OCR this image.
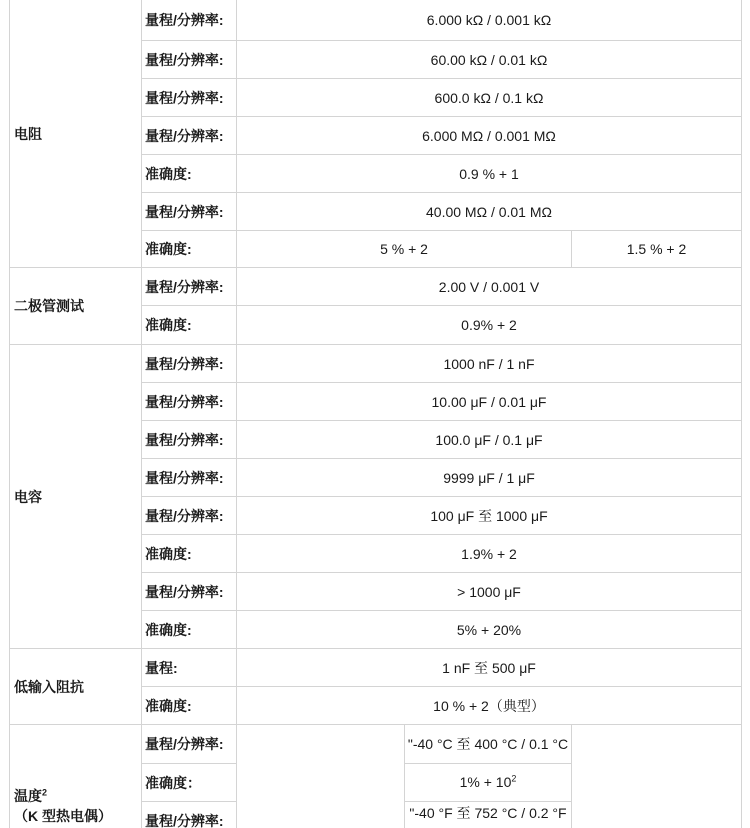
电阻
量程/分辨率:	6.000 kΩ / 0.001 kΩ
量程/分辨率:	60.00 kΩ / 0.01 kΩ
量程/分辨率:	600.0 kΩ / 0.1 kΩ
量程/分辨率:	6.000 MΩ / 0.001 MΩ
准确度:	0.9 % + 1
量程/分辨率:	40.00 MΩ / 0.01 MΩ
准确度:	5 % + 2	1.5 % + 2
二极管测试
量程/分辨率:	2.00 V / 0.001 V
准确度:	0.9% + 2
电容
量程/分辨率:	1000 nF / 1 nF
量程/分辨率:	10.00 μF / 0.01 μF
量程/分辨率:	100.0 μF / 0.1 μF
量程/分辨率:	9999 μF / 1 μF
量程/分辨率:	100 μF 至 1000 μF
准确度:	1.9% + 2
量程/分辨率:	> 1000 μF
准确度:	5% + 20%
低输入阻抗
量程:	1 nF 至 500 μF
准确度:	10 % + 2（典型）
温度$^2$（K 型热电偶）
量程/分辨率:	"-40 °C 至 400 °C / 0.1 °C
准确度：	$1\% + 10^2$
量程/分辨率:	"-40 °F 至 752 °C / 0.2 °F
